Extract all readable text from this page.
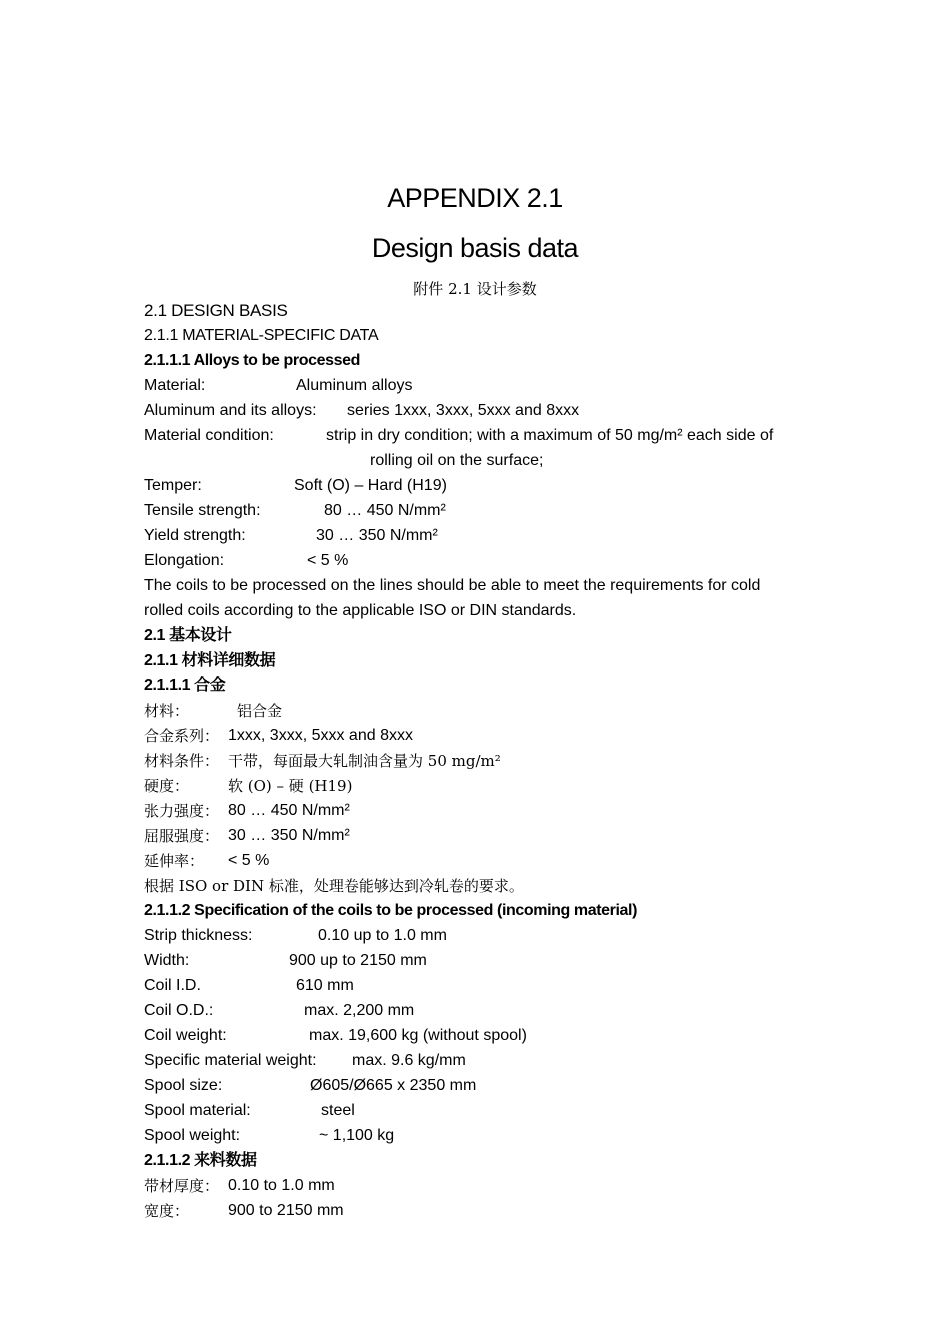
APPENDIX 2.1
Design basis data
附件 2.1 设计参数
2.1 DESIGN BASIS
2.1.1 MATERIAL-SPECIFIC DATA
2.1.1.1 Alloys to be processed
Material:	Aluminum alloys
Aluminum and its alloys: series 1xxx, 3xxx, 5xxx and 8xxx
Material condition:	strip in dry condition; with a maximum of 50 mg/m² each side of
rolling oil on the surface;
Temper:	Soft (O) – Hard (H19)
Tensile strength:	80 … 450 N/mm²
Yield strength:	30 … 350 N/mm²
Elongation:	< 5 %
The coils to be processed on the lines should be able to meet the requirements for cold
rolled coils according to the applicable ISO or DIN standards.
2.1 基本设计
2.1.1 材料详细数据
2.1.1.1 合金
材料：	铝合金
合金系列： 1xxx, 3xxx, 5xxx and 8xxx
材料条件： 干带，每面最大轧制油含量为 50 mg/m²
硬度：	软 (O) – 硬 (H19)
张力强度： 80 … 450 N/mm²
屈服强度： 30 … 350 N/mm²
延伸率： < 5 %
根据 ISO or DIN 标准，处理卷能够达到冷轧卷的要求。
2.1.1.2 Specification of the coils to be processed (incoming material)
Strip thickness:	0.10 up to 1.0 mm
Width:	900 up to 2150 mm
Coil I.D.	610 mm
Coil O.D.:	max. 2,200 mm
Coil weight:	max. 19,600 kg (without spool)
Specific material weight: max. 9.6 kg/mm
Spool size:	Ø605/Ø665 x 2350 mm
Spool material:	steel
Spool weight:	~ 1,100 kg
2.1.1.2 来料数据
带材厚度： 0.10 to 1.0 mm
宽度： 900 to 2150 mm
